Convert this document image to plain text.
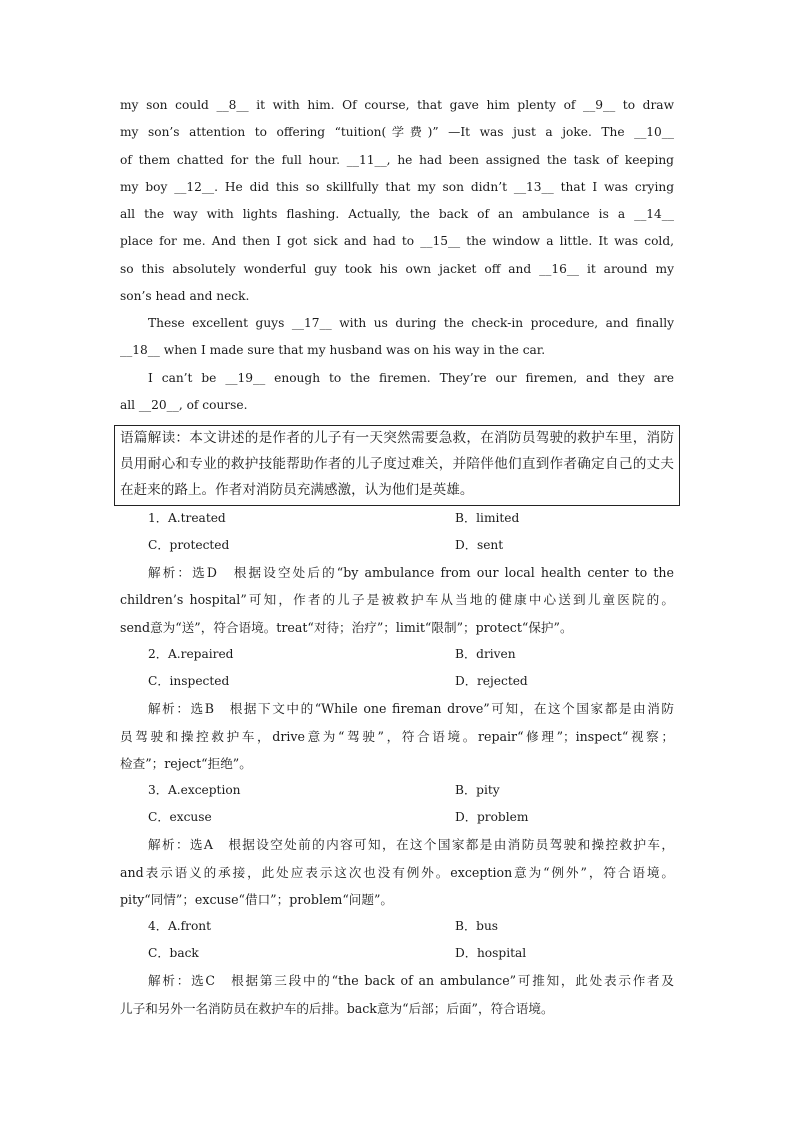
my son could __8__ it with him. Of course, that gave him plenty of __9__ to draw
my son’s attention to offering “tuition(学费)” —It was just a joke. The __10__
of them chatted for the full hour. __11__, he had been assigned the task of keeping
my boy __12__. He did this so skillfully that my son didn’t __13__ that I was crying
all the way with lights flashing. Actually, the back of an ambulance is a __14__
place for me. And then I got sick and had to __15__ the window a little. It was cold,
so this absolutely wonderful guy took his own jacket off and __16__ it around my
son’s head and neck.
These excellent guys __17__ with us during the check-in procedure, and finally
__18__ when I made sure that my husband was on his way in the car.
I can’t be __19__ enough to the firemen. They’re our firemen, and they are
all __20__, of course.
语篇解读：本文讲述的是作者的儿子有一天突然需要急救，在消防员驾驶的救护车里，消防
员用耐心和专业的救护技能帮助作者的儿子度过难关，并陪伴他们直到作者确定自己的丈夫
在赶来的路上。作者对消防员充满感激，认为他们是英雄。
1．A.treated	B．limited
C．protected	D．sent
解析：选D　根据设空处后的“by ambulance from our local health center to the
children’s hospital”可知，作者的儿子是被救护车从当地的健康中心送到儿童医院的。
send意为“送”，符合语境。treat“对待；治疗”；limit“限制”；protect“保护”。
2．A.repaired	B．driven
C．inspected	D．rejected
解析：选B　根据下文中的“While one fireman drove”可知，在这个国家都是由消防
员驾驶和操控救护车，drive意为“驾驶”，符合语境。repair“修理”；inspect“视察；
检查”；reject“拒绝”。
3．A.exception	B．pity
C．excuse	D．problem
解析：选A　根据设空处前的内容可知，在这个国家都是由消防员驾驶和操控救护车，
and表示语义的承接，此处应表示这次也没有例外。exception意为“例外”，符合语境。
pity“同情”；excuse“借口”；problem“问题”。
4．A.front	B．bus
C．back	D．hospital
解析：选C　根据第三段中的“the back of an ambulance”可推知，此处表示作者及
儿子和另外一名消防员在救护车的后排。back意为“后部；后面”，符合语境。
